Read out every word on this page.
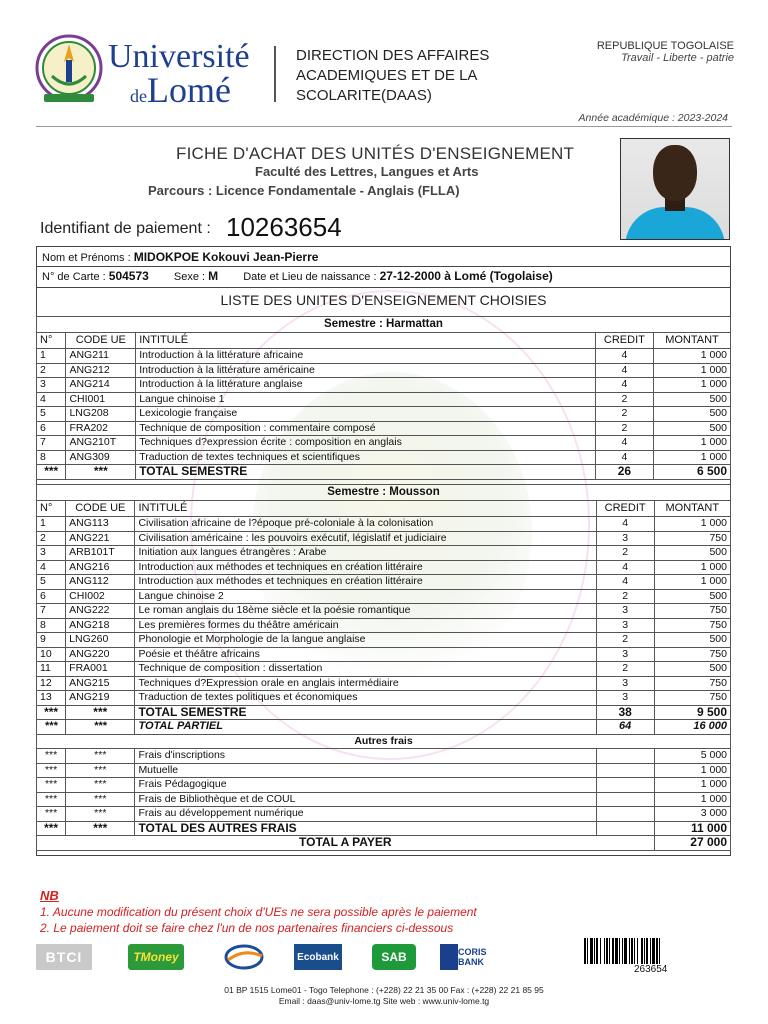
Université
deLomé
DIRECTION DES AFFAIRES ACADEMIQUES ET DE LA SCOLARITE(DAAS)
REPUBLIQUE TOGOLAISE
Travail - Liberte - patrie
Année académique : 2023-2024
FICHE D'ACHAT DES UNITÉS D'ENSEIGNEMENT
Faculté des Lettres, Langues et Arts
Parcours : Licence Fondamentale - Anglais (FLLA)
Identifiant de paiement : 10263654
Nom et Prénoms : MIDOKPOE Kokouvi Jean-Pierre
N° de Carte : 504573 Sexe : M Date et Lieu de naissance : 27-12-2000 à Lomé (Togolaise)
LISTE DES UNITES D'ENSEIGNEMENT CHOISIES
Semestre : Harmattan				
N°	CODE UE	INTITULÉ	CREDIT	MONTANT
1	ANG211	Introduction à la littérature africaine	4	1 000
2	ANG212	Introduction à la littérature américaine	4	1 000
3	ANG214	Introduction à la littérature anglaise	4	1 000
4	CHI001	Langue chinoise 1	2	500
5	LNG208	Lexicologie française	2	500
6	FRA202	Technique de composition : commentaire composé	2	500
7	ANG210T	Techniques d?expression écrite : composition en anglais	4	1 000
8	ANG309	Traduction de textes techniques et scientifiques	4	1 000
***	***	TOTAL SEMESTRE	26	6 500
Semestre : Mousson				
N°	CODE UE	INTITULÉ	CREDIT	MONTANT
1	ANG113	Civilisation africaine de l?époque pré-coloniale à la colonisation	4	1 000
2	ANG221	Civilisation américaine : les pouvoirs exécutif, législatif et judiciaire	3	750
3	ARB101T	Initiation aux langues étrangères : Arabe	2	500
4	ANG216	Introduction aux méthodes et techniques en création littéraire	4	1 000
5	ANG112	Introduction aux méthodes et techniques en création littéraire	4	1 000
6	CHI002	Langue chinoise 2	2	500
7	ANG222	Le roman anglais du 18ème siècle et la poésie romantique	3	750
8	ANG218	Les premières formes du théâtre américain	3	750
9	LNG260	Phonologie et Morphologie de la langue anglaise	2	500
10	ANG220	Poésie et théâtre africains	3	750
11	FRA001	Technique de composition : dissertation	2	500
12	ANG215	Techniques d?Expression orale en anglais intermédiaire	3	750
13	ANG219	Traduction de textes politiques et économiques	3	750
***	***	TOTAL SEMESTRE	38	9 500
***	***	TOTAL PARTIEL	64	16 000
Autres frais				
***	***	Frais d'inscriptions		5 000
***	***	Mutuelle		1 000
***	***	Frais Pédagogique		1 000
***	***	Frais de Bibliothèque et de COUL		1 000
***	***	Frais au développement numérique		3 000
***	***	TOTAL DES AUTRES FRAIS		11 000
TOTAL A PAYER				27 000
NB
1. Aucune modification du présent choix d'UEs ne sera possible après le paiement
2. Le paiement doit se faire chez l'un de nos partenaires financiers ci-dessous
BTCI	TMoney	Ecobank	SAB	CORIS BANK
263654
01 BP 1515 Lome01 - Togo Telephone : (+228) 22 21 35 00 Fax : (+228) 22 21 85 95
Email : daas@univ-lome.tg Site web : www.univ-lome.tg
